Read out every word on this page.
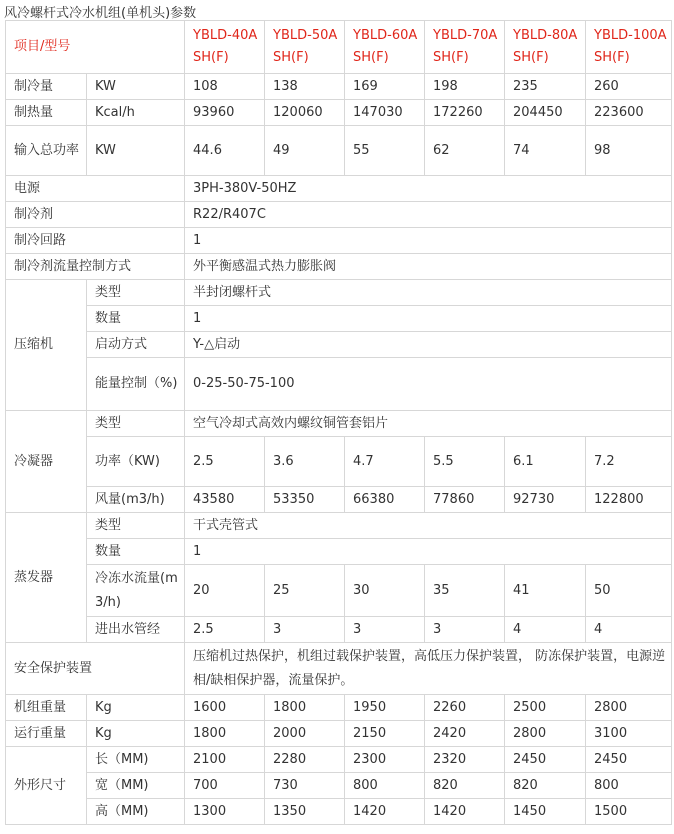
风冷螺杆式冷水机组(单机头)参数
项目/型号		YBLD-40ASH(F)	YBLD-50ASH(F)	YBLD-60ASH(F)	YBLD-70ASH(F)	YBLD-80ASH(F)	YBLD-100ASH(F)
制冷量	KW	108	138	169	198	235	260
制热量	Kcal/h	93960	120060	147030	172260	204450	223600
输入总功率	KW	44.6	49	55	62	74	98
电源		3PH-380V-50HZ					
制冷剂		R22/R407C					
制冷回路		1					
制冷剂流量控制方式		外平衡感温式热力膨胀阀					
压缩机	类型	半封闭螺杆式					
	数量	1					
	启动方式	Y-△启动					
	能量控制（%)	0-25-50-75-100					
冷凝器	类型	空气冷却式高效内螺纹铜管套铝片					
	功率（KW)	2.5	3.6	4.7	5.5	6.1	7.2
	风量(m3/h)	43580	53350	66380	77860	92730	122800
蒸发器	类型	干式壳管式					
	数量	1					
	冷冻水流量(m3/h)	20	25	30	35	41	50
	进出水管经	2.5	3	3	3	4	4
安全保护装置		压缩机过热保护，机组过载保护装置，高低压力保护装置， 防冻保护装置，电源逆相/缺相保护器，流量保护。					
机组重量	Kg	1600	1800	1950	2260	2500	2800
运行重量	Kg	1800	2000	2150	2420	2800	3100
外形尺寸	长（MM)	2100	2280	2300	2320	2450	2450
	宽（MM)	700	730	800	820	820	800
	高（MM)	1300	1350	1420	1420	1450	1500
